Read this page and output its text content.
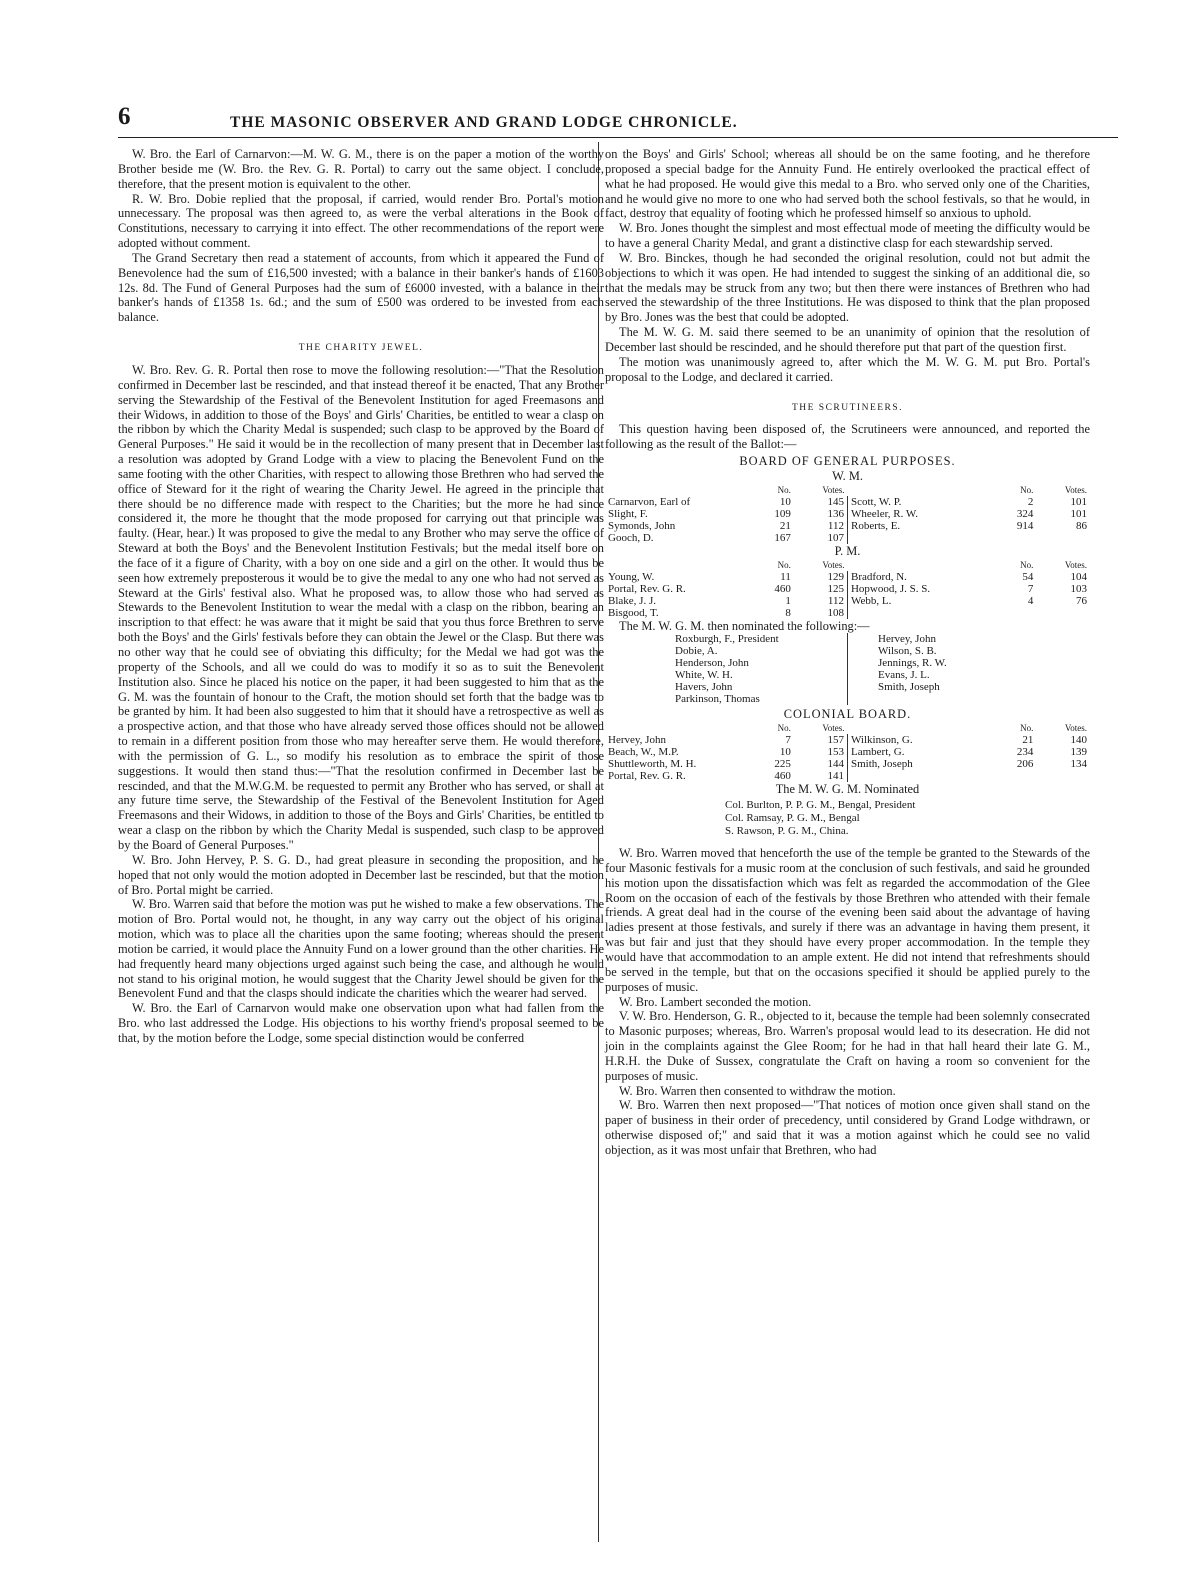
6	THE MASONIC OBSERVER AND GRAND LODGE CHRONICLE.

W. Bro. the Earl of Carnarvon:—M. W. G. M., there is on the paper a motion of the worthy Brother beside me (W. Bro. the Rev. G. R. Portal) to carry out the same object. I conclude, therefore, that the present motion is equivalent to the other.

R. W. Bro. Dobie replied that the proposal, if carried, would render Bro. Portal's motion unnecessary. The proposal was then agreed to, as were the verbal alterations in the Book of Constitutions, necessary to carrying it into effect. The other recommendations of the report were adopted without comment.

The Grand Secretary then read a statement of accounts, from which it appeared the Fund of Benevolence had the sum of £16,500 invested; with a balance in their banker's hands of £1603 12s. 8d. The Fund of General Purposes had the sum of £6000 invested, with a balance in their banker's hands of £1358 1s. 6d.; and the sum of £500 was ordered to be invested from each balance.

THE CHARITY JEWEL.

W. Bro. Rev. G. R. Portal then rose to move the following resolution:—"That the Resolution confirmed in December last be rescinded, and that instead thereof it be enacted, That any Brother serving the Stewardship of the Festival of the Benevolent Institution for aged Freemasons and their Widows, in addition to those of the Boys' and Girls' Charities, be entitled to wear a clasp on the ribbon by which the Charity Medal is suspended; such clasp to be approved by the Board of General Purposes." He said it would be in the recollection of many present that in December last a resolution was adopted by Grand Lodge with a view to placing the Benevolent Fund on the same footing with the other Charities, with respect to allowing those Brethren who had served the office of Steward for it the right of wearing the Charity Jewel. He agreed in the principle that there should be no difference made with respect to the Charities; but the more he had since considered it, the more he thought that the mode proposed for carrying out that principle was faulty. (Hear, hear.) It was proposed to give the medal to any Brother who may serve the office of Steward at both the Boys' and the Benevolent Institution Festivals; but the medal itself bore on the face of it a figure of Charity, with a boy on one side and a girl on the other. It would thus be seen how extremely preposterous it would be to give the medal to any one who had not served as Steward at the Girls' festival also. What he proposed was, to allow those who had served as Stewards to the Benevolent Institution to wear the medal with a clasp on the ribbon, bearing an inscription to that effect: he was aware that it might be said that you thus force Brethren to serve both the Boys' and the Girls' festivals before they can obtain the Jewel or the Clasp. But there was no other way that he could see of obviating this difficulty; for the Medal we had got was the property of the Schools, and all we could do was to modify it so as to suit the Benevolent Institution also. Since he placed his notice on the paper, it had been suggested to him that as the G. M. was the fountain of honour to the Craft, the motion should set forth that the badge was to be granted by him. It had been also suggested to him that it should have a retrospective as well as a prospective action, and that those who have already served those offices should not be allowed to remain in a different position from those who may hereafter serve them. He would therefore, with the permission of G. L., so modify his resolution as to embrace the spirit of those suggestions. It would then stand thus:—"That the resolution confirmed in December last be rescinded, and that the M.W.G.M. be requested to permit any Brother who has served, or shall at any future time serve, the Stewardship of the Festival of the Benevolent Institution for Aged Freemasons and their Widows, in addition to those of the Boys and Girls' Charities, be entitled to wear a clasp on the ribbon by which the Charity Medal is suspended, such clasp to be approved by the Board of General Purposes."

W. Bro. John Hervey, P. S. G. D., had great pleasure in seconding the proposition, and he hoped that not only would the motion adopted in December last be rescinded, but that the motion of Bro. Portal might be carried.

W. Bro. Warren said that before the motion was put he wished to make a few observations. The motion of Bro. Portal would not, he thought, in any way carry out the object of his original motion, which was to place all the charities upon the same footing; whereas should the present motion be carried, it would place the Annuity Fund on a lower ground than the other charities. He had frequently heard many objections urged against such being the case, and although he would not stand to his original motion, he would suggest that the Charity Jewel should be given for the Benevolent Fund and that the clasps should indicate the charities which the wearer had served.

W. Bro. the Earl of Carnarvon would make one observation upon what had fallen from the Bro. who last addressed the Lodge. His objections to his worthy friend's proposal seemed to be that, by the motion before the Lodge, some special distinction would be conferred

on the Boys' and Girls' School; whereas all should be on the same footing, and he therefore proposed a special badge for the Annuity Fund. He entirely overlooked the practical effect of what he had proposed. He would give this medal to a Bro. who served only one of the Charities, and he would give no more to one who had served both the school festivals, so that he would, in fact, destroy that equality of footing which he professed himself so anxious to uphold.

W. Bro. Jones thought the simplest and most effectual mode of meeting the difficulty would be to have a general Charity Medal, and grant a distinctive clasp for each stewardship served.

W. Bro. Binckes, though he had seconded the original resolution, could not but admit the objections to which it was open. He had intended to suggest the sinking of an additional die, so that the medals may be struck from any two; but then there were instances of Brethren who had served the stewardship of the three Institutions. He was disposed to think that the plan proposed by Bro. Jones was the best that could be adopted.

The M. W. G. M. said there seemed to be an unanimity of opinion that the resolution of December last should be rescinded, and he should therefore put that part of the question first.

The motion was unanimously agreed to, after which the M. W. G. M. put Bro. Portal's proposal to the Lodge, and declared it carried.

THE SCRUTINEERS.

This question having been disposed of, the Scrutineers were announced, and reported the following as the result of the Ballot:—

BOARD OF GENERAL PURPOSES.
W. M.
	No.	Votes.		No.	Votes.
Carnarvon, Earl of	10	145	Scott, W. P.	2	101
Slight, F.	109	136	Wheeler, R. W.	324	101
Symonds, John	21	112	Roberts, E.	914	86
Gooch, D.	167	107			
P. M.
	No.	Votes.		No.	Votes.
Young, W.	11	129	Bradford, N.	54	104
Portal, Rev. G. R.	460	125	Hopwood, J. S. S.	7	103
Blake, J. J.	1	112	Webb, L.	4	76
Bisgood, T.	8	108			

The M. W. G. M. then nominated the following:—

Roxburgh, F., President	Hervey, John
Dobie, A.	Wilson, S. B.
Henderson, John	Jennings, R. W.
White, W. H.	Evans, J. L.
Havers, John	Smith, Joseph
Parkinson, Thomas	
COLONIAL BOARD.
	No.	Votes.		No.	Votes.
Hervey, John	7	157	Wilkinson, G.	21	140
Beach, W., M.P.	10	153	Lambert, G.	234	139
Shuttleworth, M. H.	225	144	Smith, Joseph	206	134
Portal, Rev. G. R.	460	141			
The M. W. G. M. Nominated
Col. Burlton, P. P. G. M., Bengal, President
Col. Ramsay, P. G. M., Bengal
S. Rawson, P. G. M., China.

W. Bro. Warren moved that henceforth the use of the temple be granted to the Stewards of the four Masonic festivals for a music room at the conclusion of such festivals, and said he grounded his motion upon the dissatisfaction which was felt as regarded the accommodation of the Glee Room on the occasion of each of the festivals by those Brethren who attended with their female friends. A great deal had in the course of the evening been said about the advantage of having ladies present at those festivals, and surely if there was an advantage in having them present, it was but fair and just that they should have every proper accommodation. In the temple they would have that accommodation to an ample extent. He did not intend that refreshments should be served in the temple, but that on the occasions specified it should be applied purely to the purposes of music.

W. Bro. Lambert seconded the motion.

V. W. Bro. Henderson, G. R., objected to it, because the temple had been solemnly consecrated to Masonic purposes; whereas, Bro. Warren's proposal would lead to its desecration. He did not join in the complaints against the Glee Room; for he had in that hall heard their late G. M., H.R.H. the Duke of Sussex, congratulate the Craft on having a room so convenient for the purposes of music.

W. Bro. Warren then consented to withdraw the motion.

W. Bro. Warren then next proposed—"That notices of motion once given shall stand on the paper of business in their order of precedency, until considered by Grand Lodge withdrawn, or otherwise disposed of;" and said that it was a motion against which he could see no valid objection, as it was most unfair that Brethren, who had
